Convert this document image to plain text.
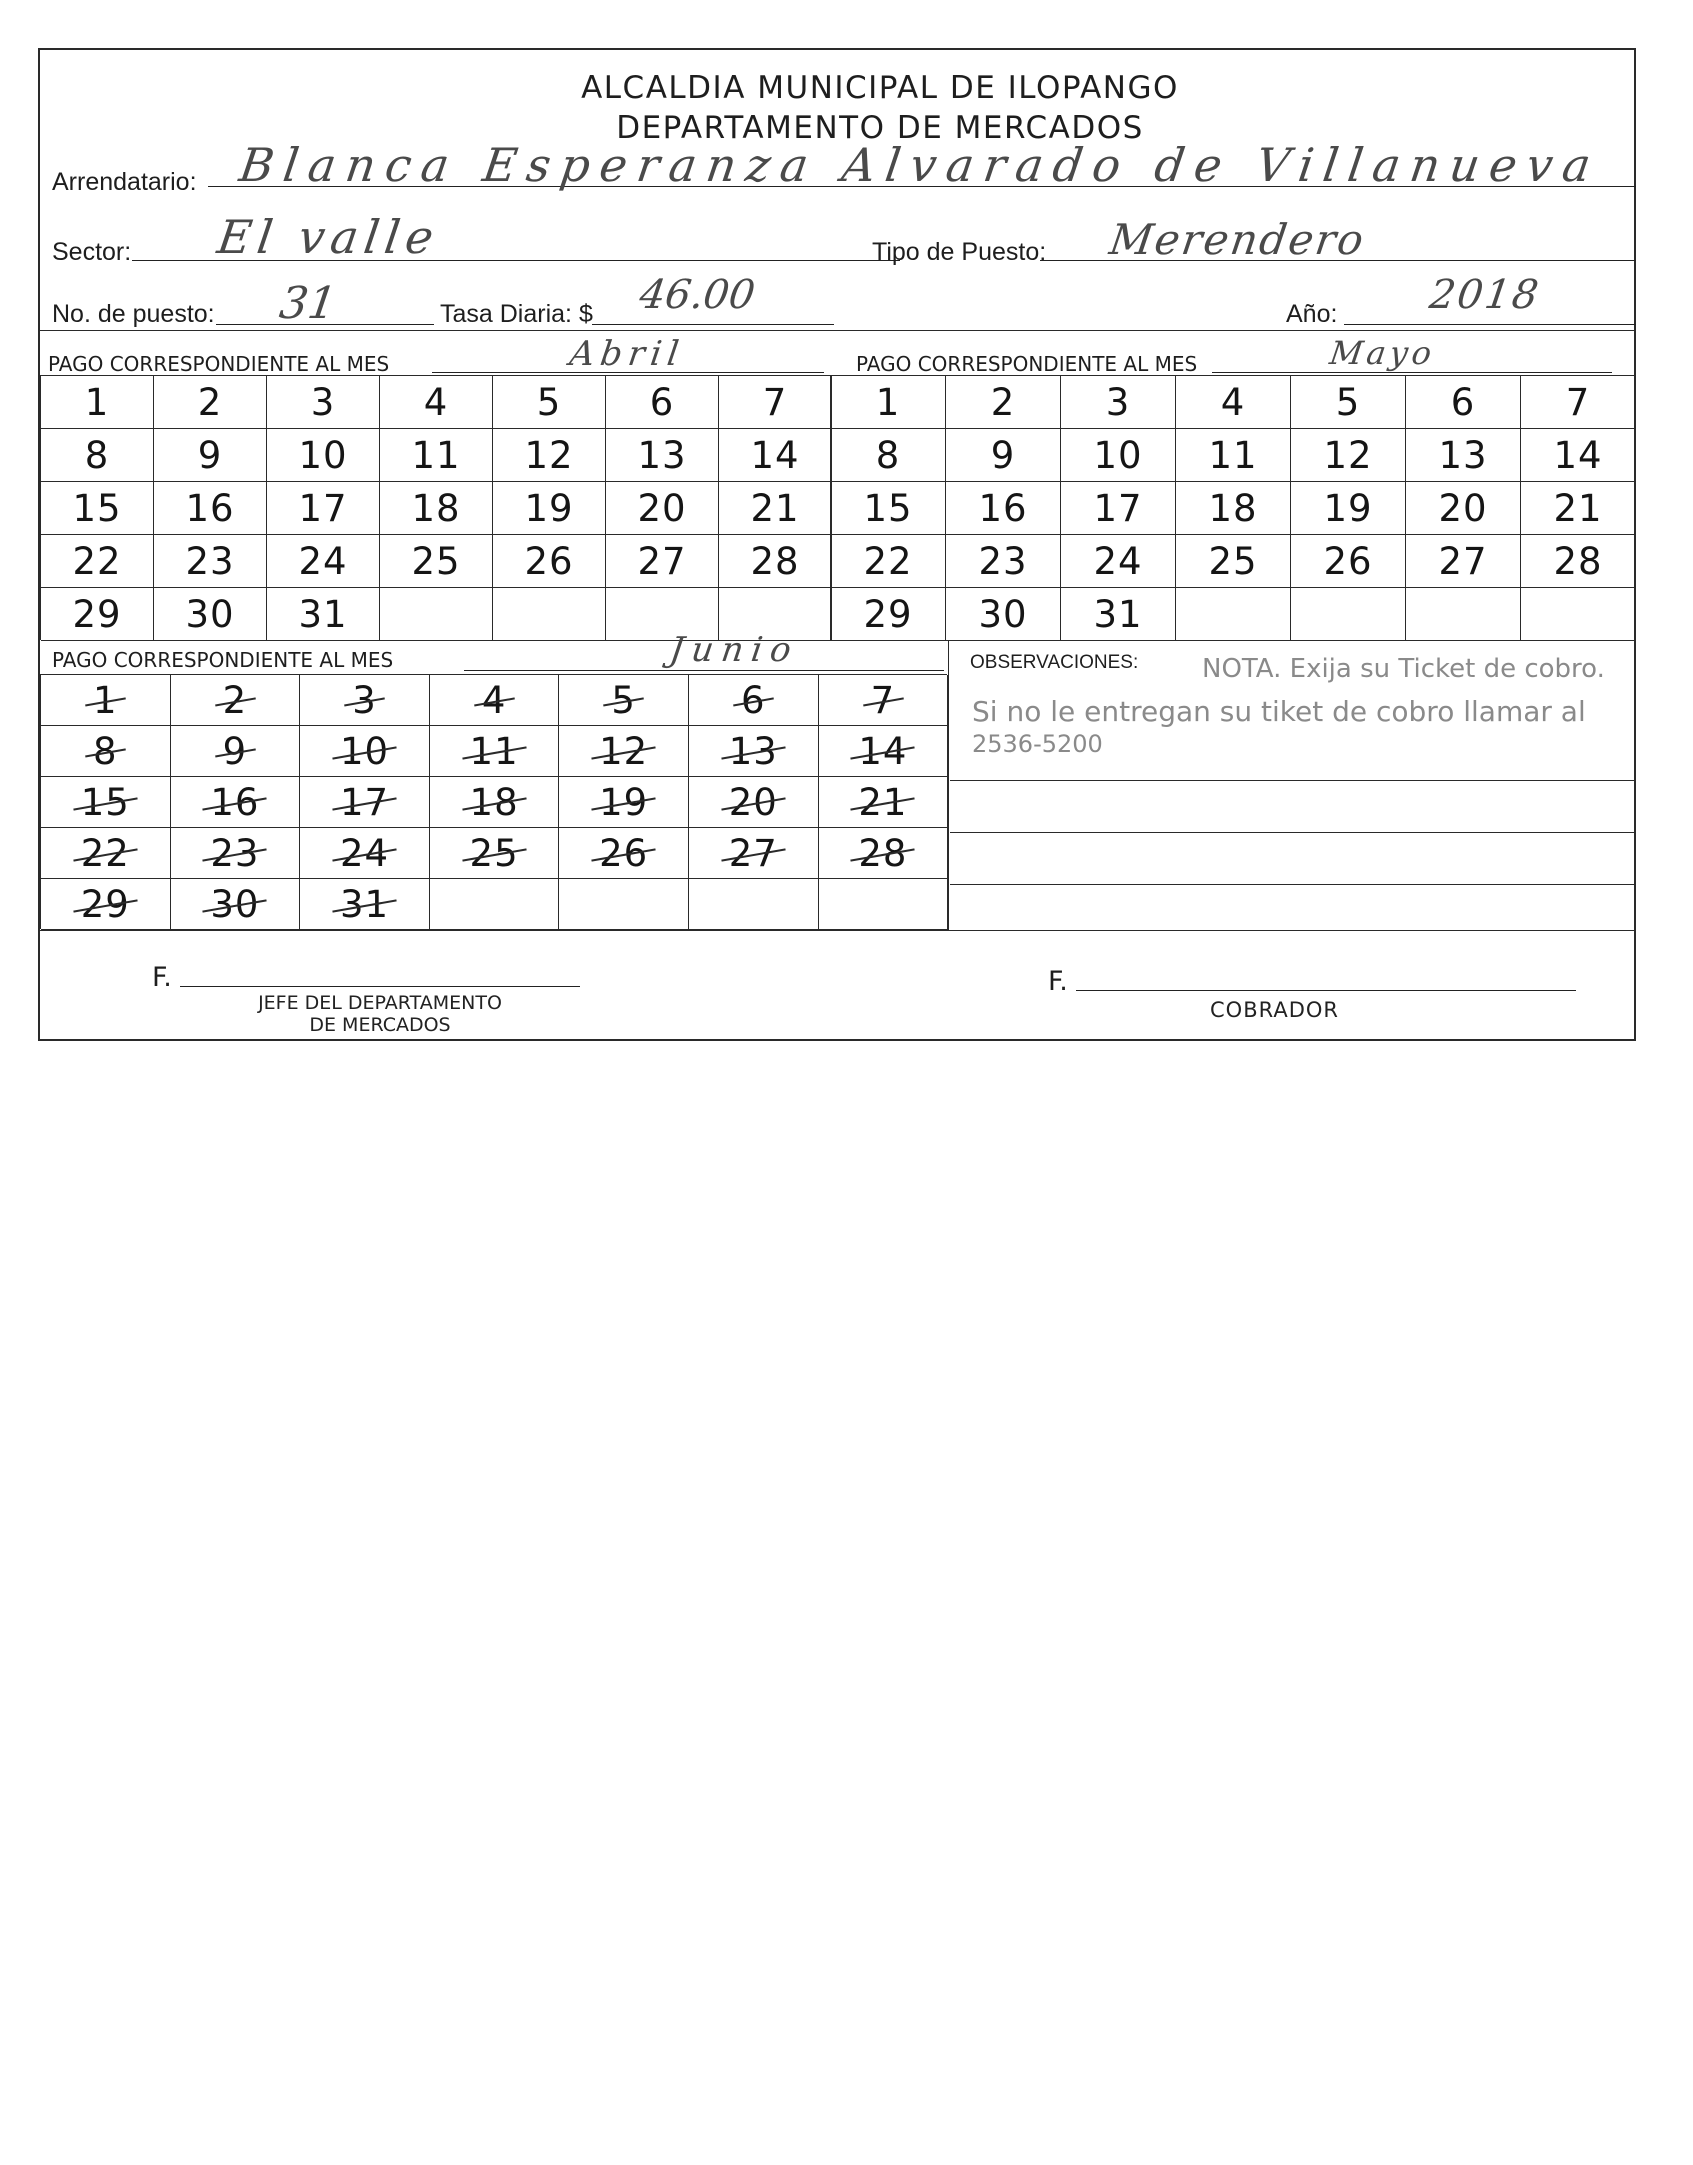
ALCALDIA MUNICIPAL DE ILOPANGO
DEPARTAMENTO DE MERCADOS
Arrendatario: Blanca Esperanza Alvarado de Villanueva
Sector: El valle	Tipo de Puesto: Merendero
No. de puesto: 31	Tasa Diaria: $ 46.00	Año: 2018
PAGO CORRESPONDIENTE AL MES	Abril	PAGO CORRESPONDIENTE AL MES	Mayo
1 2 3 4 5 6 7
8 9 10 11 12 13 14
15 16 17 18 19 20 21
22 23 24 25 26 27 28
29 30 31
1 2 3 4 5 6 7
8 9 10 11 12 13 14
15 16 17 18 19 20 21
22 23 24 25 26 27 28
29 30 31
PAGO CORRESPONDIENTE AL MES	Junio
1	2	3	4	5	6	7
8	9	10 11 12 13 14
15 16 17 18 19 20 21
22 23 24 25 26 27 28
29 30 31
OBSERVACIONES: NOTA. Exija su Ticket de cobro.
Si no le entregan su tiket de cobro llamar al
2536-5200
F.
JEFE DEL DEPARTAMENTO
DE MERCADOS
F.
COBRADOR
